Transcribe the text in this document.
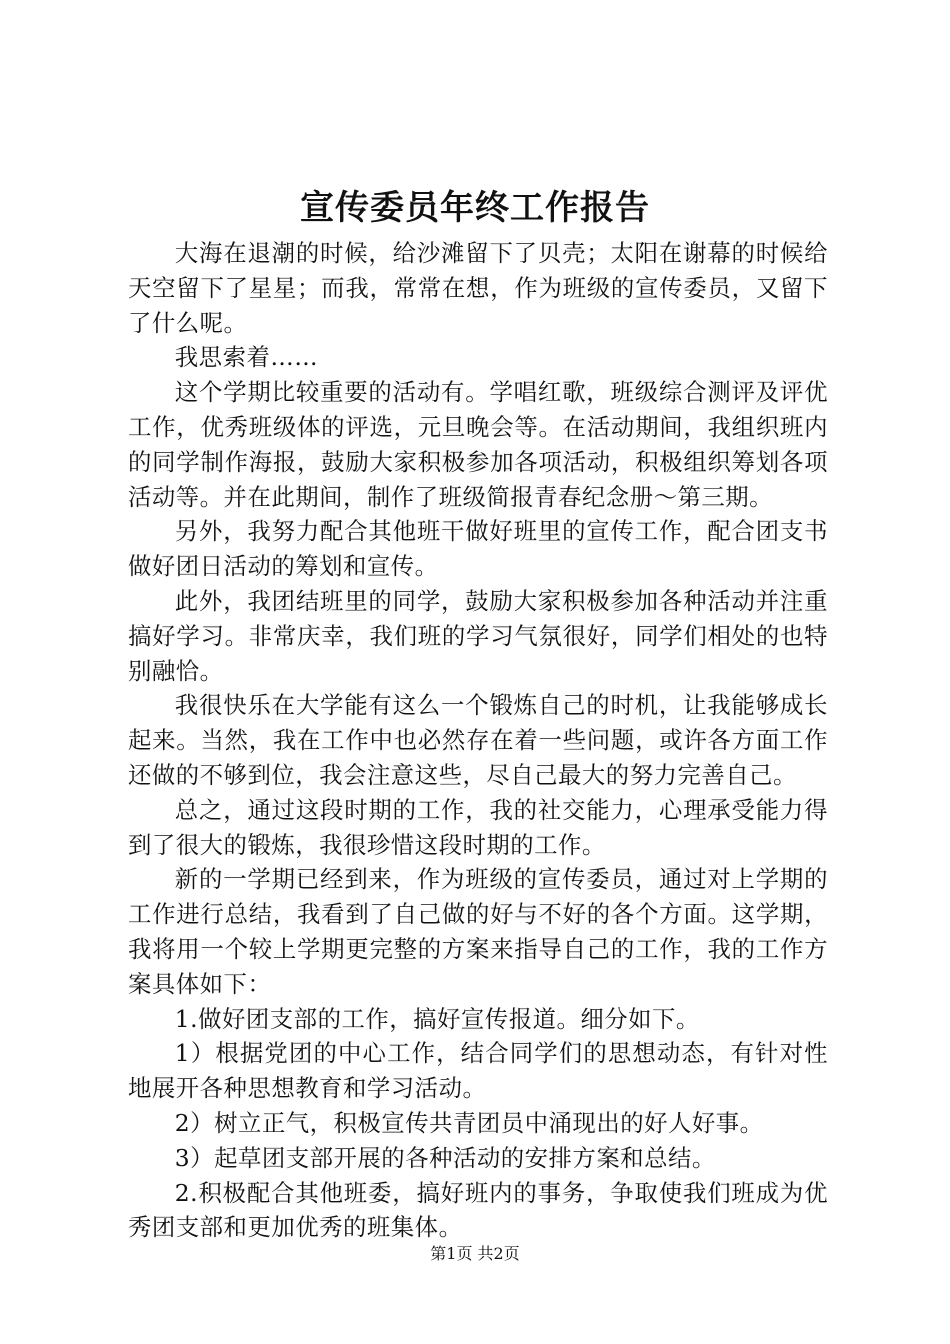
宣传委员年终工作报告

大海在退潮的时候，给沙滩留下了贝壳；太阳在谢幕的时候给天空留下了星星；而我，常常在想，作为班级的宣传委员，又留下了什么呢。

我思索着……

这个学期比较重要的活动有。学唱红歌，班级综合测评及评优工作，优秀班级体的评选，元旦晚会等。在活动期间，我组织班内的同学制作海报，鼓励大家积极参加各项活动，积极组织筹划各项活动等。并在此期间，制作了班级简报青春纪念册～第三期。

另外，我努力配合其他班干做好班里的宣传工作，配合团支书做好团日活动的筹划和宣传。

此外，我团结班里的同学，鼓励大家积极参加各种活动并注重搞好学习。非常庆幸，我们班的学习气氛很好，同学们相处的也特别融恰。

我很快乐在大学能有这么一个锻炼自己的时机，让我能够成长起来。当然，我在工作中也必然存在着一些问题，或许各方面工作还做的不够到位，我会注意这些，尽自己最大的努力完善自己。

总之，通过这段时期的工作，我的社交能力，心理承受能力得到了很大的锻炼，我很珍惜这段时期的工作。

新的一学期已经到来，作为班级的宣传委员，通过对上学期的工作进行总结，我看到了自己做的好与不好的各个方面。这学期，我将用一个较上学期更完整的方案来指导自己的工作，我的工作方案具体如下：

1.做好团支部的工作，搞好宣传报道。细分如下。

1）根据党团的中心工作，结合同学们的思想动态，有针对性地展开各种思想教育和学习活动。

2）树立正气，积极宣传共青团员中涌现出的好人好事。

3）起草团支部开展的各种活动的安排方案和总结。

2.积极配合其他班委，搞好班内的事务，争取使我们班成为优秀团支部和更加优秀的班集体。

第1页 共2页
